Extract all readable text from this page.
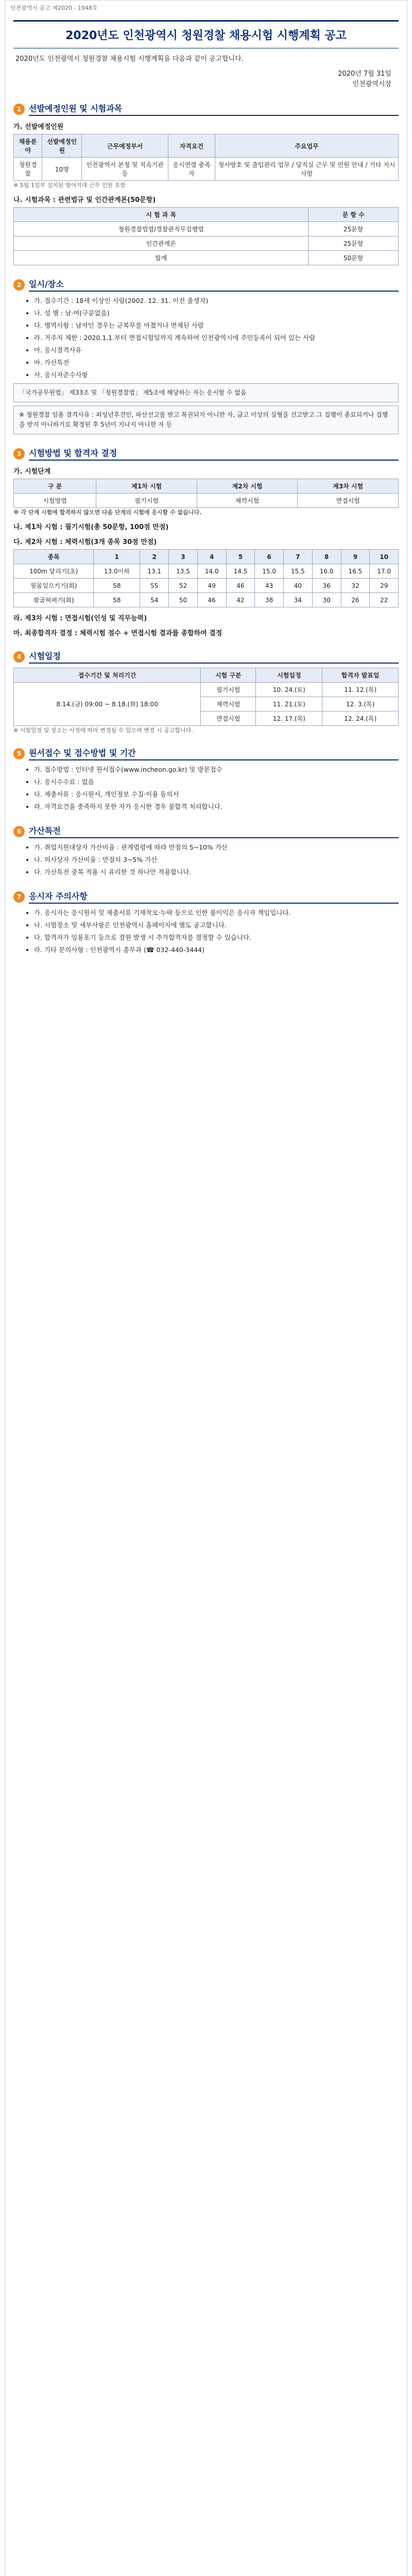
인천광역시 공고 제2020 - 1948호
2020년도 인천광역시 청원경찰 채용시험 시행계획 공고
2020년도 인천광역시 청원경찰 채용시험 시행계획을 다음과 같이 공고합니다.
2020년 7월 31일
인천광역시장
1 선발예정인원 및 시험과목
가. 선발예정인원
채용분야	선발예정인원	근무예정부서	자격요건	주요업무
청원경찰	10명	인천광역시 본청 및 직속기관 등	응시연령 충족자	청사방호 및 출입관리 업무 / 당직실 근무 및 민원 안내 / 기타 지시사항
※ 5월 1일부 설치된 방어지대 근무 인원 포함
나. 시험과목 : 관련법규 및 인간관계론(50문항)
시 험 과 목	문 항 수
청원경찰법령/경찰관직무집행법	25문항
인간관계론	25문항
합계	50문항
2 일시/장소
• 가. 접수기간 : 18세 이상인 사람(2002. 12. 31. 이전 출생자)
• 나. 성 별 : 남·여(구분없음)
• 다. 병역사항 : 남자인 경우는 군복무를 마쳤거나 면제된 사람
• 라. 거주지 제한 : 2020.1.1.부터 면접시험일까지 계속하여 인천광역시에 주민등록이 되어 있는 사람
• 마. 응시결격사유
• 바. 가산특전
• 사. 응시자준수사항
「국가공무원법」 제33조 및 「청원경찰법」 제5조에 해당하는 자는 응시할 수 없음
※ 청원경찰 임용 결격사유 : 피성년후견인, 파산선고를 받고 복권되지 아니한 자, 금고 이상의 실형을 선고받고 그 집행이 종료되거나 집행을 받지 아니하기로 확정된 후 5년이 지나지 아니한 자 등
3 시험방법 및 합격자 결정
가. 시험단계
구 분	제1차 시험	제2차 시험	제3차 시험
시험방법	필기시험	체력시험	면접시험
※ 각 단계 시험에 합격하지 않으면 다음 단계의 시험에 응시할 수 없습니다.
나. 제1차 시험 : 필기시험(총 50문항, 100점 만점)
다. 제2차 시험 : 체력시험(3개 종목 30점 만점)
종목	1	2	3	4	5	6	7	8	9	10
100m 달리기(초)	13.0이하	13.1	13.5	14.0	14.5	15.0	15.5	16.0	16.5	17.0
윗몸일으키기(회)	58	55	52	49	46	43	40	36	32	29
팔굽혀펴기(회)	58	54	50	46	42	38	34	30	26	22
라. 제3차 시험 : 면접시험(인성 및 직무능력)
마. 최종합격자 결정 : 체력시험 점수 + 면접시험 결과를 종합하여 결정
4 시험일정
접수기간 및 처리기간	시험 구분	시험일정	합격자 발표일
8.14.(금) 09:00 ~ 8.18.(화) 18:00	필기시험	10. 24.(토)	11. 12.(목)
	체력시험	11. 21.(토)	12. 3.(목)
	면접시험	12. 17.(목)	12. 24.(목)
※ 시험일정 및 장소는 사정에 따라 변경될 수 있으며 변경 시 공고합니다.
5 원서접수 및 접수방법 및 기간
• 가. 접수방법 : 인터넷 원서접수(www.incheon.go.kr) 및 방문접수
• 나. 응시수수료 : 없음
• 다. 제출서류 : 응시원서, 개인정보 수집·이용 동의서
• 라. 자격요건을 충족하지 못한 자가 응시한 경우 불합격 처리합니다.
6 가산특전
• 가. 취업지원대상자 가산비율 : 관계법령에 따라 만점의 5~10% 가산
• 나. 의사상자 가산비율 : 만점의 3~5% 가산
• 다. 가산특전 중복 적용 시 유리한 것 하나만 적용합니다.
7 응시자 주의사항
• 가. 응시자는 응시원서 및 제출서류 기재착오·누락 등으로 인한 불이익은 응시자 책임입니다.
• 나. 시험장소 및 세부사항은 인천광역시 홈페이지에 별도 공고합니다.
• 다. 합격자가 임용포기 등으로 결원 발생 시 추가합격자를 결정할 수 있습니다.
• 라. 기타 문의사항 : 인천광역시 총무과 (☎ 032-440-3444)
